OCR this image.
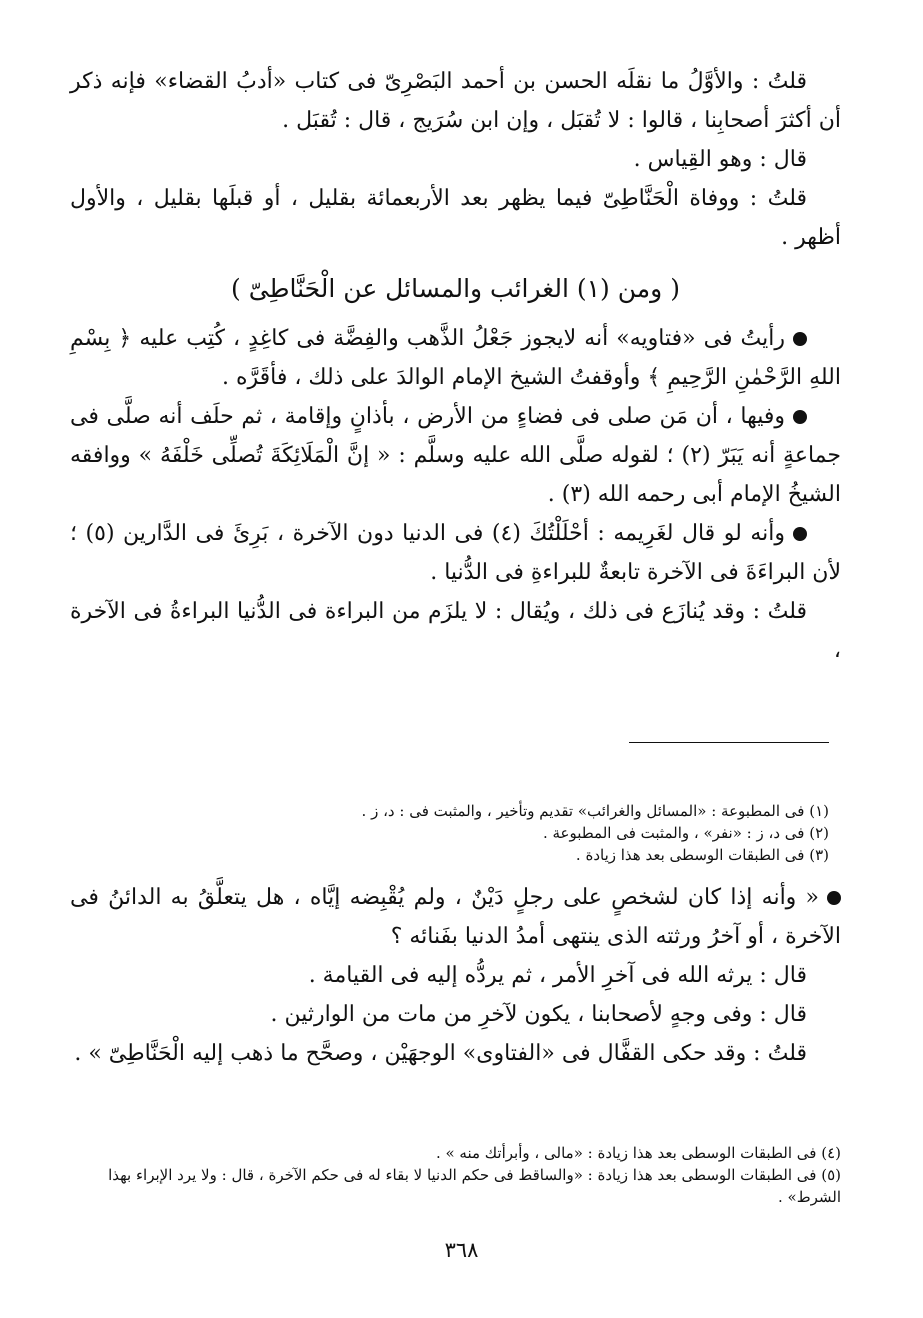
قلتُ : والأوَّلُ ما نقلَه الحسن بن أحمد البَصْرِىّ فى كتاب «أدبُ القضاء» فإنه ذكر أن أكثرَ أصحابِنا ، قالوا : لا تُقبَل ، وإن ابن سُرَيج ، قال : تُقبَل .

قال : وهو القِياس .

قلتُ : ووفاة الْحَنَّاطِىّ فيما يظهر بعد الأربعمائة بقليل ، أو قبلَها بقليل ، والأول أظهر .

( ومن (١) الغرائب والمسائل عن الْحَنَّاطِىّ )

رأيتُ فى «فتاويه» أنه لايجوز جَعْلُ الذَّهب والفِضَّة فى كاغِدٍ ، كُتِب عليه ﴿ بِسْمِ اللهِ الرَّحْمٰنِ الرَّحِيمِ ﴾ وأوقفتُ الشيخ الإمام الوالدَ على ذلك ، فأقَرَّه .

وفيها ، أن مَن صلى فى فضاءٍ من الأرض ، بأذانٍ وإقامة ، ثم حلَف أنه صلَّى فى جماعةٍ أنه يَبَرّ (٢) ؛ لقوله صلَّى الله عليه وسلَّم : « إنَّ الْمَلَائِكَةَ تُصلِّى خَلْفَهُ » ووافقه الشيخُ الإمام أبى رحمه الله (٣) .

وأنه لو قال لغَرِيمه : أحْلَلْتُكَ (٤) فى الدنيا دون الآخرة ، بَرِئَ فى الدَّارين (٥) ؛ لأن البراءَةَ فى الآخرة تابعةٌ للبراءةِ فى الدُّنيا .

قلتُ : وقد يُنازَع فى ذلك ، ويُقال : لا يلزَم من البراءة فى الدُّنيا البراءةُ فى الآخرة ،

(١) فى المطبوعة : «المسائل والغرائب» تقديم وتأخير ، والمثبت فى : د، ز .

(٢) فى د، ز : «نفر» ، والمثبت فى المطبوعة .

(٣) فى الطبقات الوسطى بعد هذا زيادة .

« وأنه إذا كان لشخصٍ على رجلٍ دَيْنٌ ، ولم يُقْبِضه إيَّاه ، هل يتعلَّقُ به الدائنُ فى الآخرة ، أو آخرُ ورثته الذى ينتهى أمدُ الدنيا بفَنائه ؟

قال : يرثه الله فى آخرِ الأمر ، ثم يردُّه إليه فى القيامة .

قال : وفى وجهٍ لأصحابنا ، يكون لآخرِ من مات من الوارثين .

قلتُ : وقد حكى القفَّال فى «الفتاوى» الوجهَيْن ، وصحَّح ما ذهب إليه الْحَنَّاطِىّ » .

(٤) فى الطبقات الوسطى بعد هذا زيادة : «مالى ، وأبرأتك منه » .

(٥) فى الطبقات الوسطى بعد هذا زيادة : «والساقط فى حكم الدنيا لا بقاء له فى حكم الآخرة ، قال : ولا يرد الإبراء بهذا الشرط» .

٣٦٨
